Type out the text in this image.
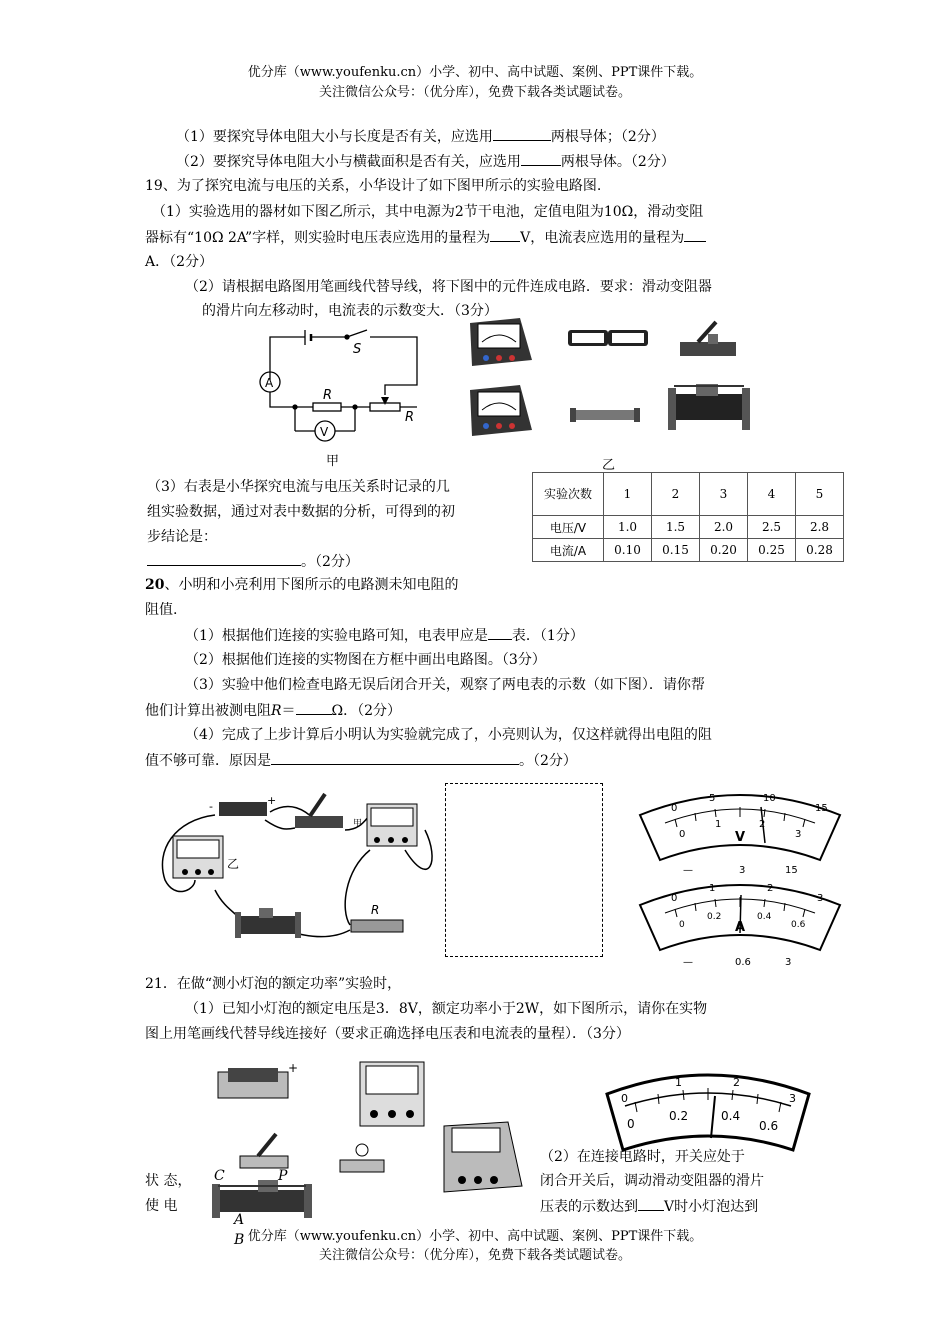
优分库（www.youfenku.cn）小学、初中、高中试题、案例、PPT课件下载。
关注微信公众号：（优分库），免费下载各类试题试卷。
（1）要探究导体电阻大小与长度是否有关，应选用	两根导体；（2分）
（2）要探究导体电阻大小与横截面积是否有关，应选用	两根导体。（2分）
19、为了探究电流与电压的关系，小华设计了如下图甲所示的实验电路图.
（1）实验选用的器材如下图乙所示，其中电源为2节干电池，定值电阻为10Ω，滑动变阻
器标有“10Ω 2A”字样，则实验时电压表应选用的量程为 V，电流表应选用的量程为
A．（2分）
（2）请根据电路图用笔画线代替导线，将下图中的元件连成电路．要求：滑动变阻器
的滑片向左移动时，电流表的示数变大．（3分）
S
A
V
R
R
甲	乙
（3）右表是小华探究电流与电压关系时记录的几
组实验数据，通过对表中数据的分析，可得到的初
步结论是：
。（2分）
实验次数	1	2	3	4	5
电压/V	1.0	1.5	2.0	2.5	2.8
电流/A	0.10	0.15	0.20	0.25	0.28
20、小明和小亮利用下图所示的电路测未知电阻的
阻值.
（1）根据他们连接的实验电路可知，电表甲应是 表．（1分）
（2）根据他们连接的实物图在方框中画出电路图。（3分）
（3）实验中他们检查电路无误后闭合开关，观察了两电表的示数（如下图）．请你帮
他们计算出被测电阻R＝	Ω．（2分）
（4）完成了上步计算后小明认为实验就完成了，小亮则认为，仅这样就得出电阻的阻
值不够可靠．原因是	。（2分）
-	+
乙
甲
R
0
5	10
15
0
1	2
3
V
—	3	15
0
1	2
3
0
0.2	0.4
0.6
A
—	0.6	3
21．在做“测小灯泡的额定功率”实验时，
（1）已知小灯泡的额定电压是3．8V，额定功率小于2W，如下图所示，请你在实物
图上用笔画线代替导线连接好（要求正确选择电压表和电流表的量程）．（3分）
+
C	P
A
B
0
1	2
3
0
0.2	0.4
0.6
（2）在连接电路时，开关应处于
状 态，	闭合开关后，调动滑动变阻器的滑片
使 电	压表的示数达到 V时小灯泡达到
优分库（www.youfenku.cn）小学、初中、高中试题、案例、PPT课件下载。
关注微信公众号：（优分库），免费下载各类试题试卷。
